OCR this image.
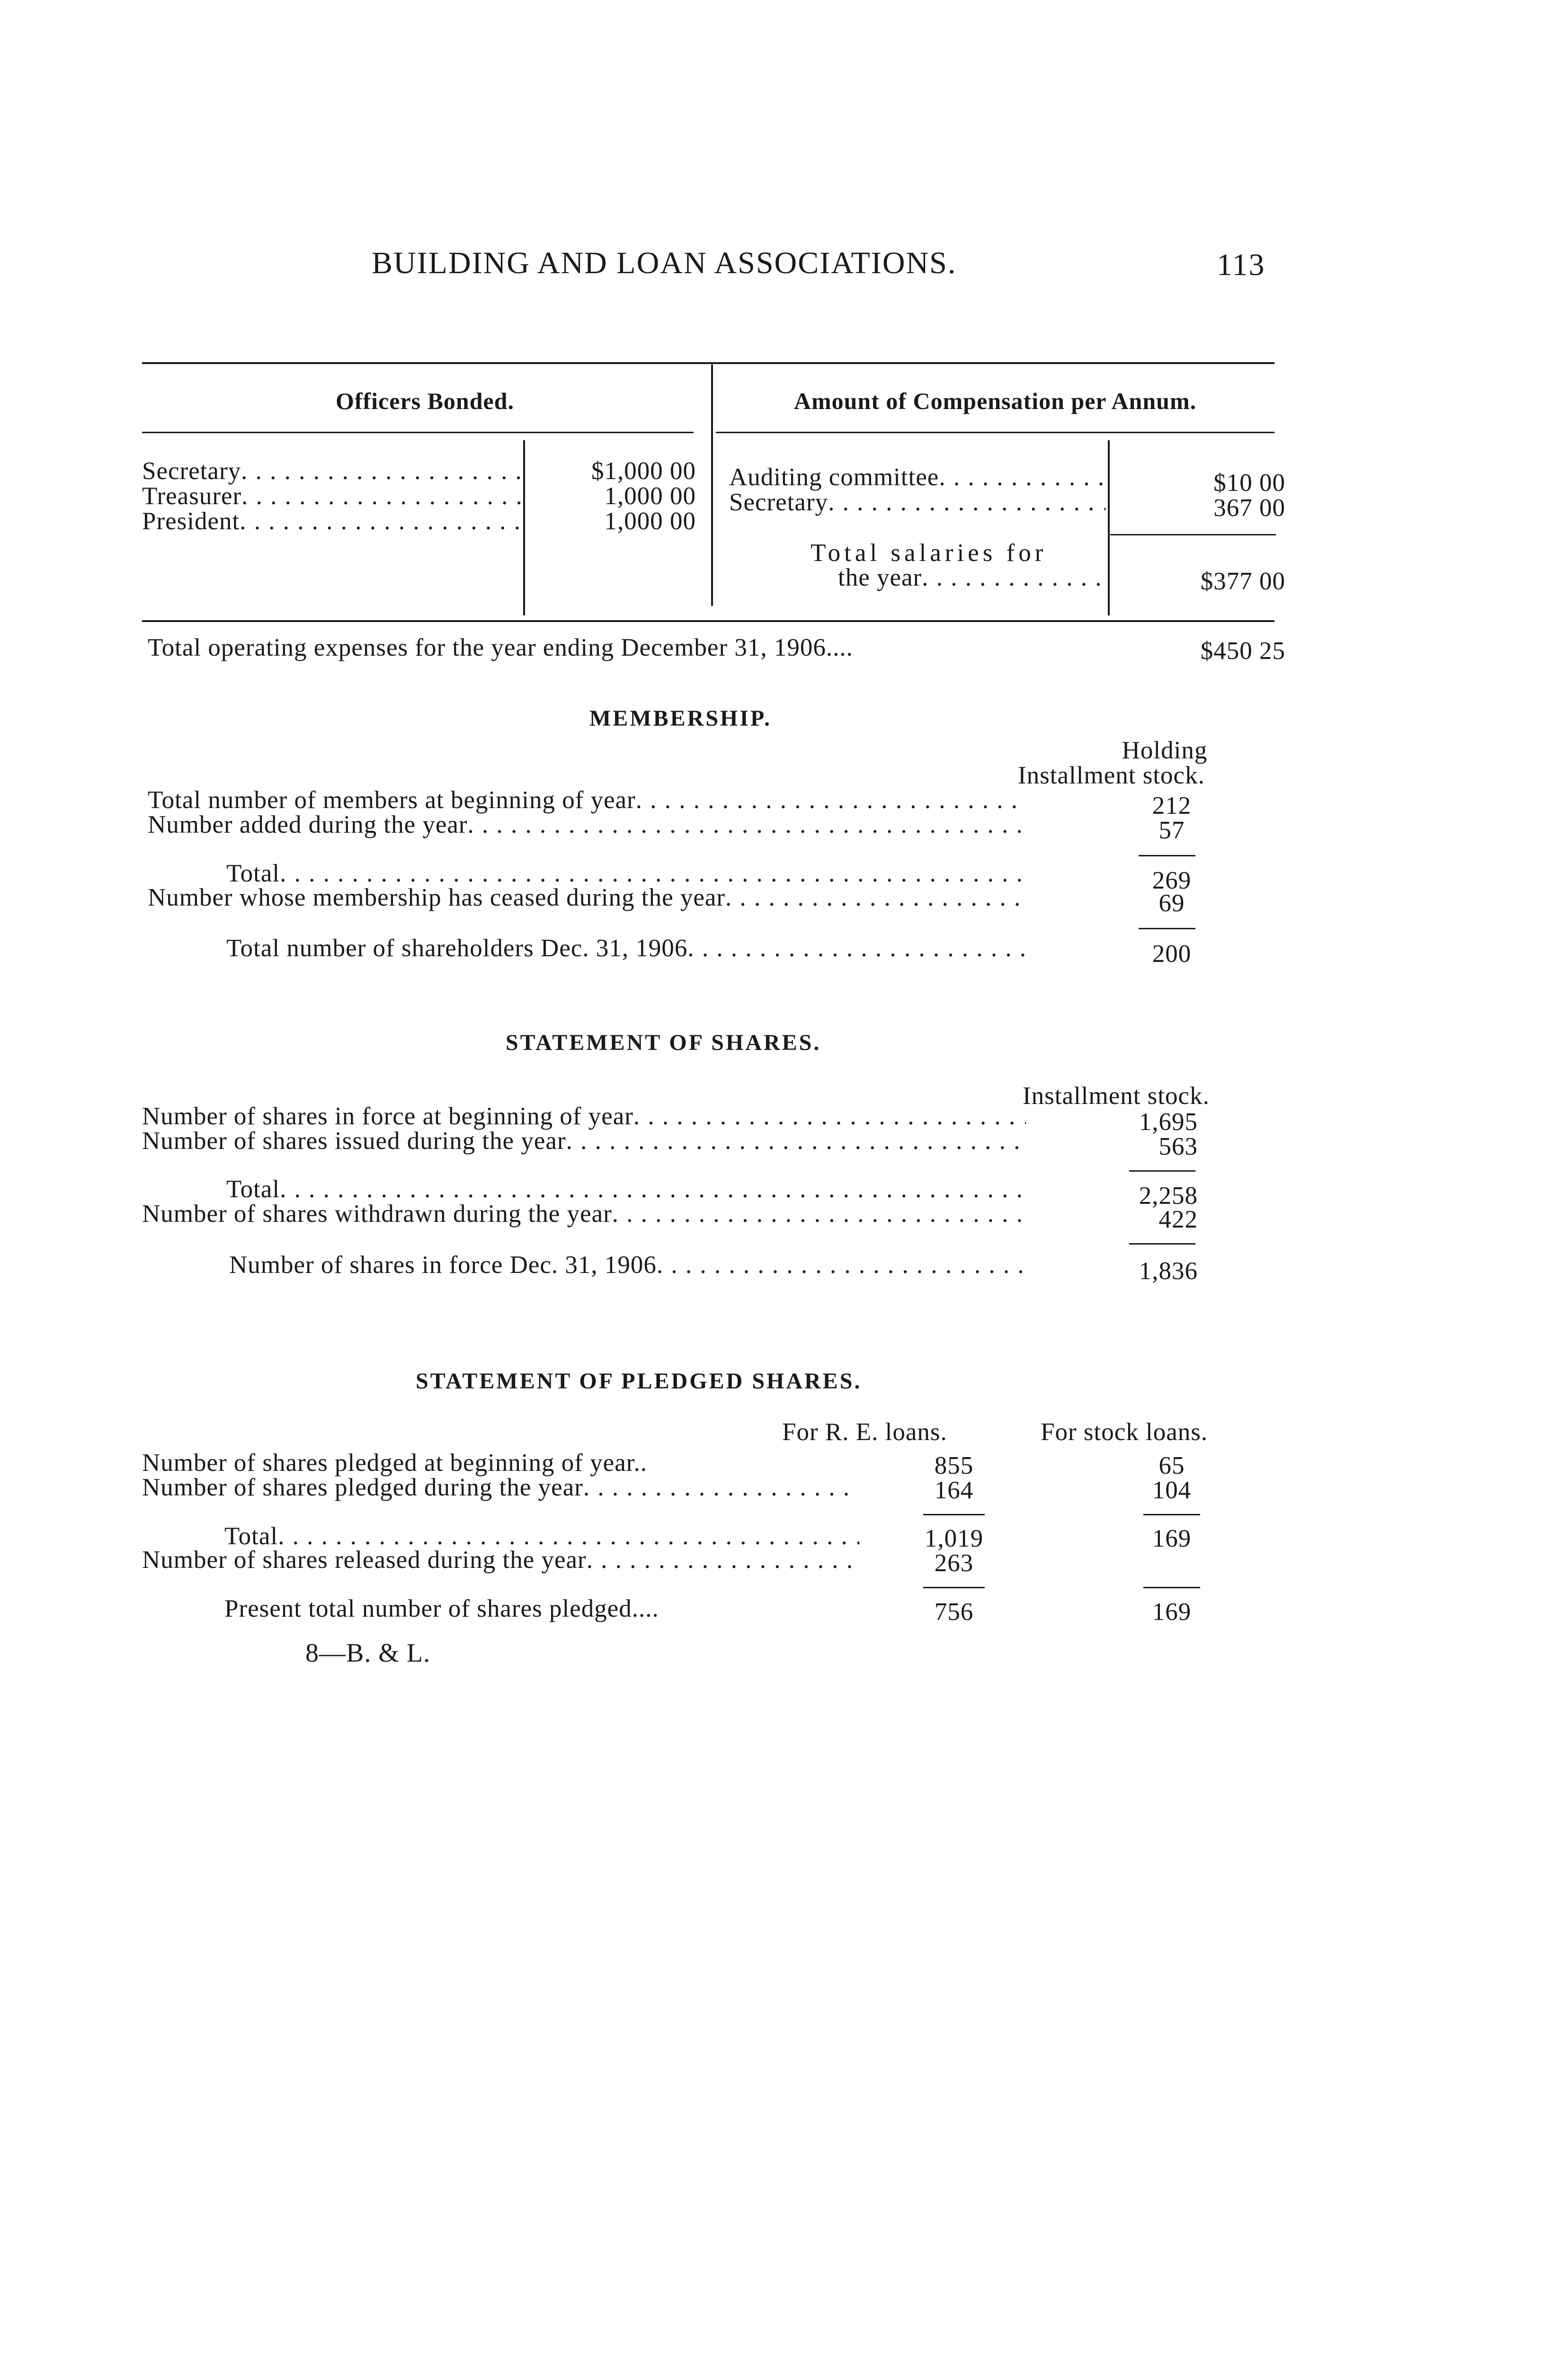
BUILDING AND LOAN ASSOCIATIONS.	113
Officers Bonded.	Amount of Compensation per Annum.
Secretary . . .	$1,000 00
Treasurer . . .	1,000 00
President . . .	1,000 00
Auditing committee . . .	$10 00
Secretary . . .	367 00
Total salaries for
the year . . .	$377 00
Total operating expenses for the year ending December 31, 1906....	$450 25
MEMBERSHIP.
Holding
Installment stock.
Total number of members at beginning of year . . .	212
Number added during the year . . .	57
Total . . .	269
Number whose membership has ceased during the year . . .	69
Total number of shareholders Dec. 31, 1906 . . .	200
STATEMENT OF SHARES.
Installment stock.
Number of shares in force at beginning of year . . .	1,695
Number of shares issued during the year . . .	563
Total . . .	2,258
Number of shares withdrawn during the year . . .	422
Number of shares in force Dec. 31, 1906 . . .	1,836
STATEMENT OF PLEDGED SHARES.
For R. E. loans.	For stock loans.
Number of shares pledged at beginning of year..	855	65
Number of shares pledged during the year . . .	164	104
Total . . .	1,019	169
Number of shares released during the year . . .	263
Present total number of shares pledged....	756	169
8—B. & L.
